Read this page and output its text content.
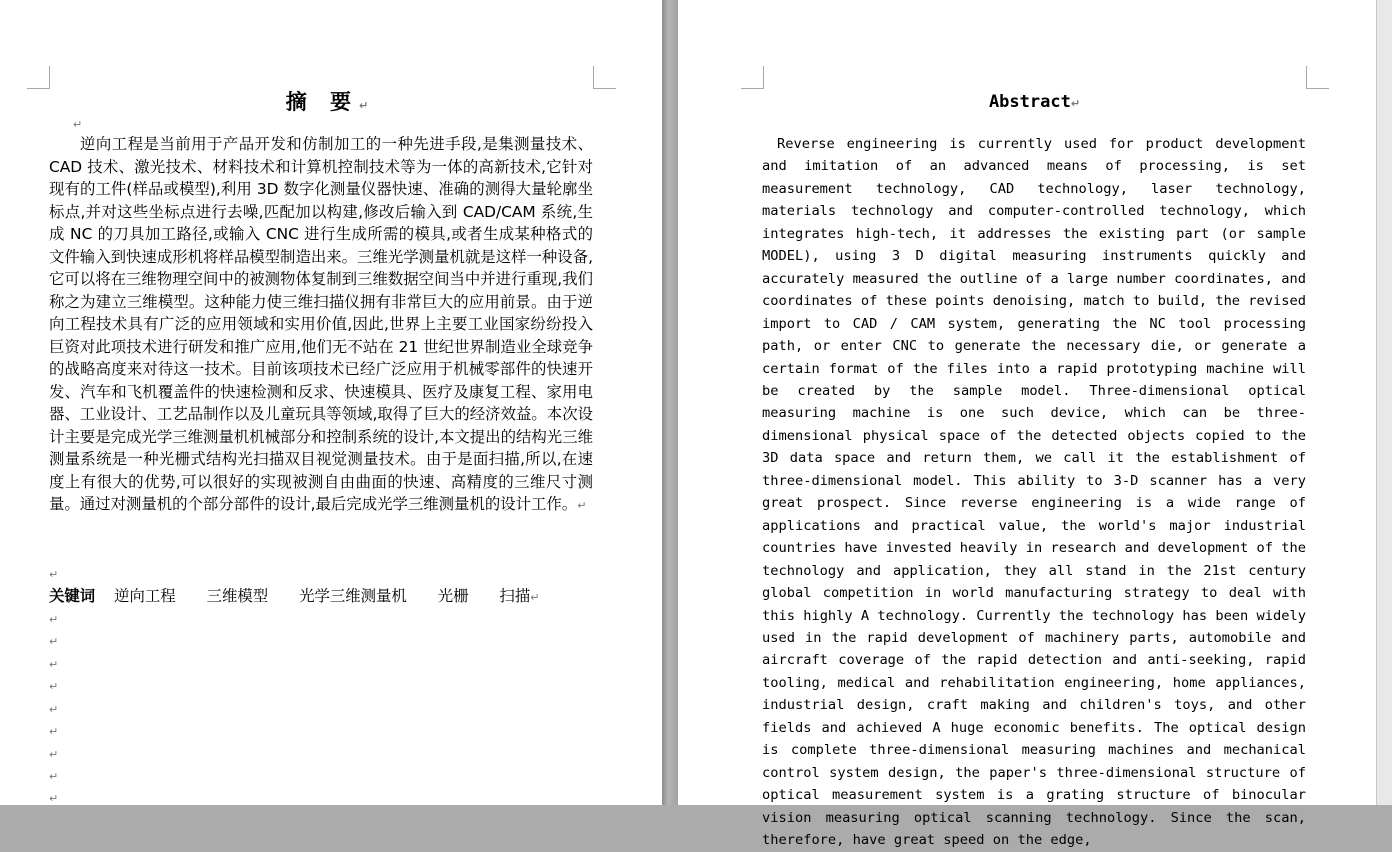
摘 要↵
↵

逆向工程是当前用于产品开发和仿制加工的一种先进手段,是集测量技术、CAD 技术、激光技术、材料技术和计算机控制技术等为一体的高新技术,它针对现有的工件(样品或模型),利用 3D 数字化测量仪器快速、准确的测得大量轮廓坐标点,并对这些坐标点进行去噪,匹配加以构建,修改后输入到 CAD/CAM 系统,生成 NC 的刀具加工路径,或输入 CNC 进行生成所需的模具,或者生成某种格式的文件输入到快速成形机将样品模型制造出来。三维光学测量机就是这样一种设备,它可以将在三维物理空间中的被测物体复制到三维数据空间当中并进行重现,我们称之为建立三维模型。这种能力使三维扫描仪拥有非常巨大的应用前景。由于逆向工程技术具有广泛的应用领域和实用价值,因此,世界上主要工业国家纷纷投入巨资对此项技术进行研发和推广应用,他们无不站在 21 世纪世界制造业全球竞争的战略高度来对待这一技术。目前该项技术已经广泛应用于机械零部件的快速开发、汽车和飞机覆盖件的快速检测和反求、快速模具、医疗及康复工程、家用电器、工业设计、工艺品制作以及儿童玩具等领域,取得了巨大的经济效益。本次设计主要是完成光学三维测量机机械部分和控制系统的设计,本文提出的结构光三维测量系统是一种光栅式结构光扫描双目视觉测量技术。由于是面扫描,所以,在速度上有很大的优势,可以很好的实现被测自由曲面的快速、高精度的三维尺寸测量。通过对测量机的个部分部件的设计,最后完成光学三维测量机的设计工作。↵

↵
关键词 逆向工程 三维模型 光学三维测量机 光栅 扫描↵
↵
↵
↵
↵
↵
↵
↵
↵
↵
Abstract↵

Reverse engineering is currently used for product development and imitation of an advanced means of processing, is set measurement technology, CAD technology, laser technology, materials technology and computer-controlled technology, which integrates high-tech, it addresses the existing part (or sample MODEL), using 3 D digital measuring instruments quickly and accurately measured the outline of a large number coordinates, and coordinates of these points denoising, match to build, the revised import to CAD / CAM system, generating the NC tool processing path, or enter CNC to generate the necessary die, or generate a certain format of the files into a rapid prototyping machine will be created by the sample model. Three-dimensional optical measuring machine is one such device, which can be three-dimensional physical space of the detected objects copied to the 3D data space and return them, we call it the establishment of three-dimensional model. This ability to 3-D scanner has a very great prospect. Since reverse engineering is a wide range of applications and practical value, the world's major industrial countries have invested heavily in research and development of the technology and application, they all stand in the 21st century global competition in world manufacturing strategy to deal with this highly A technology. Currently the technology has been widely used in the rapid development of machinery parts, automobile and aircraft coverage of the rapid detection and anti-seeking, rapid tooling, medical and rehabilitation engineering, home appliances, industrial design, craft making and children's toys, and other fields and achieved A huge economic benefits. The optical design is complete three-dimensional measuring machines and mechanical control system design, the paper's three-dimensional structure of optical measurement system is a grating structure of binocular vision measuring optical scanning technology. Since the scan, therefore, have great speed on the edge,
